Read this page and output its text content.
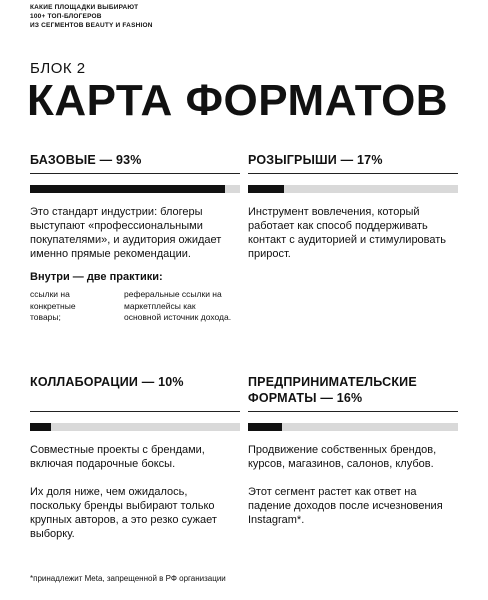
КАКИЕ ПЛОЩАДКИ ВЫБИРАЮТ
100+ ТОП-БЛОГЕРОВ
ИЗ СЕГМЕНТОВ BEAUTY И FASHION
БЛОК 2
КАРТА ФОРМАТОВ
БАЗОВЫЕ — 93%

Это стандарт индустрии: блогеры выступают «профессиональными покупателями», и аудитория ожидает именно прямые рекомендации.

Внутри — две практики:
ссылки на конкретные товары;
реферальные ссылки на маркетплейсы как основной источник дохода.
РОЗЫГРЫШИ — 17%

Инструмент вовлечения, который работает как способ поддерживать контакт с аудиторией и стимулировать прирост.

КОЛЛАБОРАЦИИ — 10%

Совместные проекты с брендами, включая подарочные боксы.

Их доля ниже, чем ожидалось, поскольку бренды выбирают только крупных авторов, а это резко сужает выборку.

ПРЕДПРИНИМАТЕЛЬСКИЕ
ФОРМАТЫ — 16%

Продвижение собственных брендов, курсов, магазинов, салонов, клубов.

Этот сегмент растет как ответ на падение доходов после исчезновения Instagram*.

*принадлежит Meta, запрещенной в РФ организации
